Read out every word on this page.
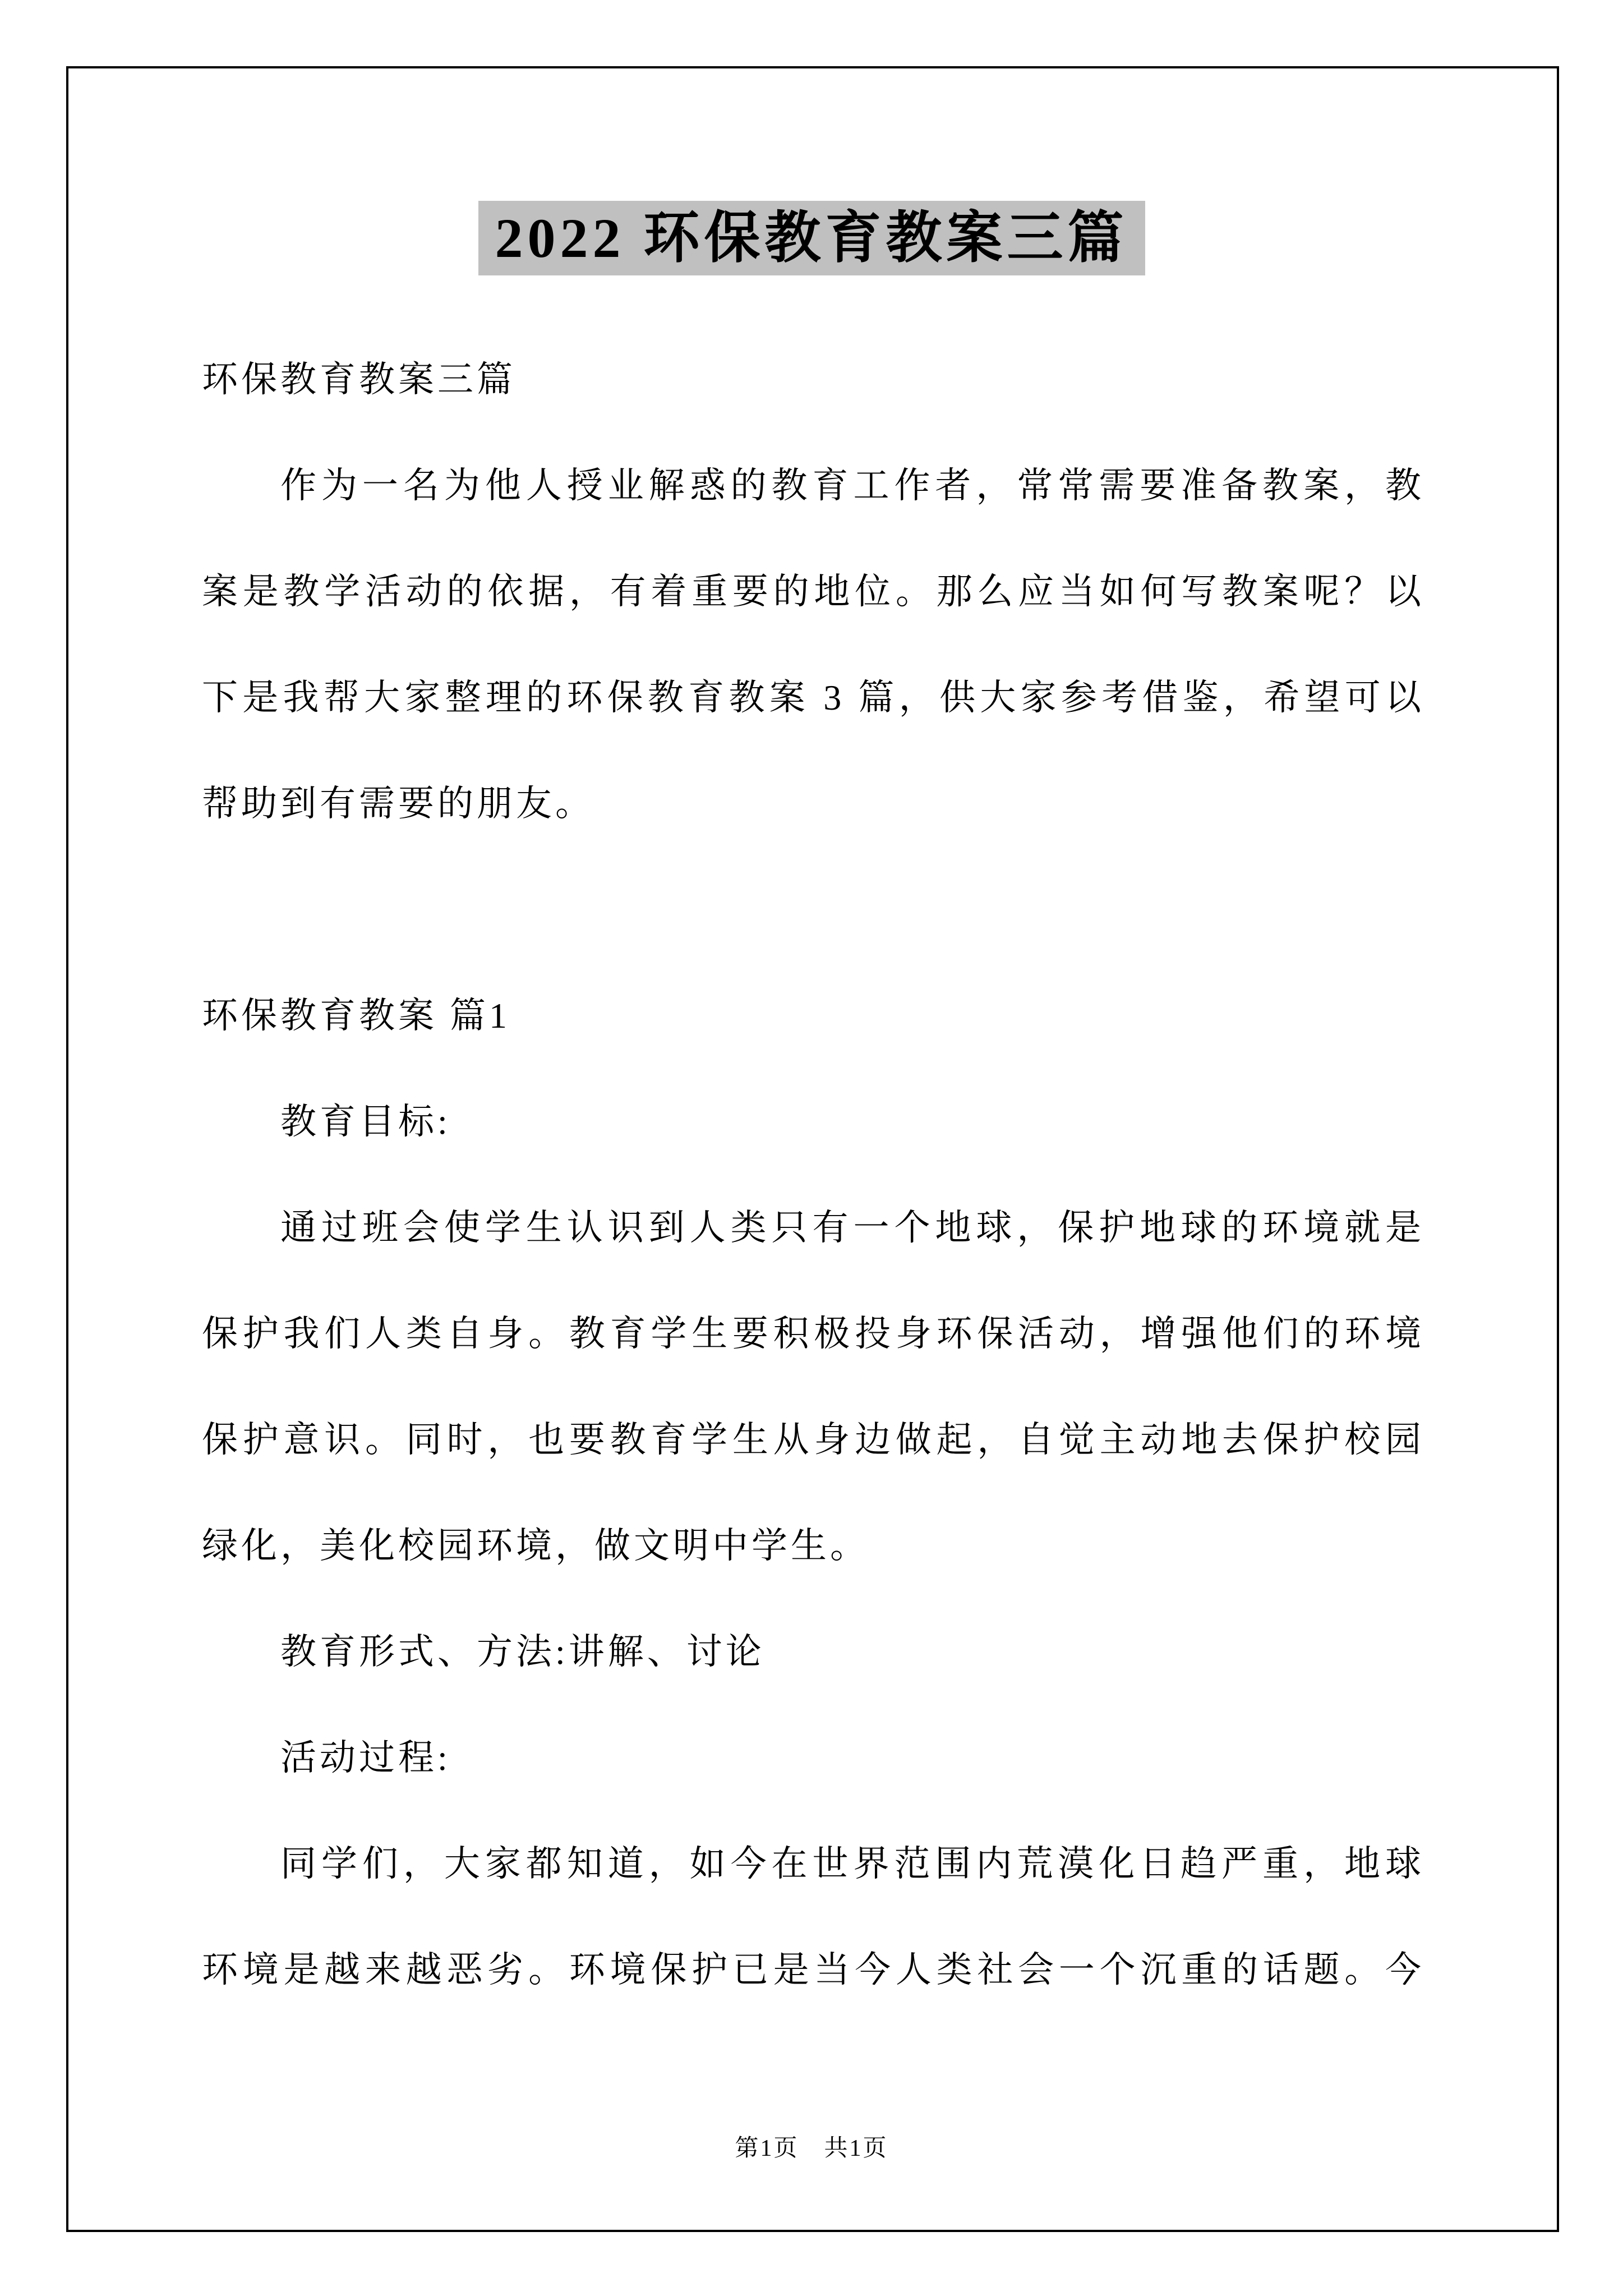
2022 环保教育教案三篇
环保教育教案三篇
作为一名为他人授业解惑的教育工作者，常常需要准备教案，教
案是教学活动的依据，有着重要的地位。那么应当如何写教案呢？以
下是我帮大家整理的环保教育教案 3 篇，供大家参考借鉴，希望可以
帮助到有需要的朋友。
环保教育教案 篇1
教育目标:
通过班会使学生认识到人类只有一个地球，保护地球的环境就是
保护我们人类自身。教育学生要积极投身环保活动，增强他们的环境
保护意识。同时，也要教育学生从身边做起，自觉主动地去保护校园
绿化，美化校园环境，做文明中学生。
教育形式、方法:讲解、讨论
活动过程:
同学们，大家都知道，如今在世界范围内荒漠化日趋严重，地球
环境是越来越恶劣。环境保护已是当今人类社会一个沉重的话题。今
第1页　共1页
